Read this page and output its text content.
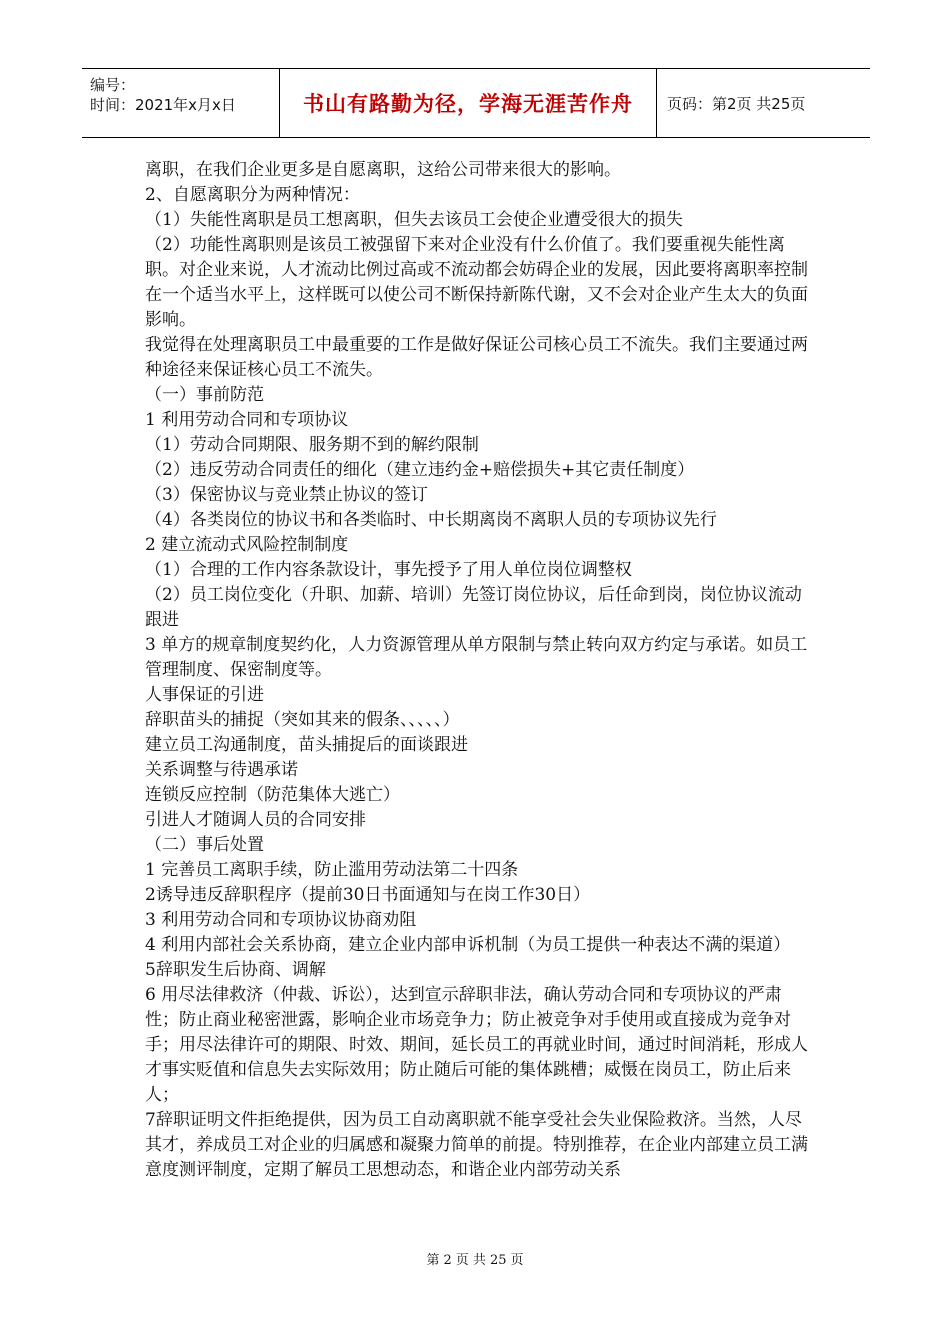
编号：
时间：2021年x月x日	书山有路勤为径，学海无涯苦作舟	页码：第2页 共25页

离职，在我们企业更多是自愿离职，这给公司带来很大的影响。

2、自愿离职分为两种情况：

（1）失能性离职是员工想离职，但失去该员工会使企业遭受很大的损失

（2）功能性离职则是该员工被强留下来对企业没有什么价值了。我们要重视失能性离职。对企业来说，人才流动比例过高或不流动都会妨碍企业的发展，因此要将离职率控制在一个适当水平上，这样既可以使公司不断保持新陈代谢，又不会对企业产生太大的负面影响。

我觉得在处理离职员工中最重要的工作是做好保证公司核心员工不流失。我们主要通过两种途径来保证核心员工不流失。

（一）事前防范

1 利用劳动合同和专项协议

（1）劳动合同期限、服务期不到的解约限制

（2）违反劳动合同责任的细化（建立违约金+赔偿损失+其它责任制度）

（3）保密协议与竞业禁止协议的签订

（4）各类岗位的协议书和各类临时、中长期离岗不离职人员的专项协议先行

2 建立流动式风险控制制度

（1）合理的工作内容条款设计，事先授予了用人单位岗位调整权

（2）员工岗位变化（升职、加薪、培训）先签订岗位协议，后任命到岗，岗位协议流动跟进

3 单方的规章制度契约化，人力资源管理从单方限制与禁止转向双方约定与承诺。如员工管理制度、保密制度等。

人事保证的引进

辞职苗头的捕捉（突如其来的假条、、、、、）

建立员工沟通制度，苗头捕捉后的面谈跟进

关系调整与待遇承诺

连锁反应控制（防范集体大逃亡）

引进人才随调人员的合同安排

（二）事后处置

1 完善员工离职手续，防止滥用劳动法第二十四条

2诱导违反辞职程序（提前30日书面通知与在岗工作30日）

3 利用劳动合同和专项协议协商劝阻

4 利用内部社会关系协商，建立企业内部申诉机制（为员工提供一种表达不满的渠道）

5辞职发生后协商、调解

6 用尽法律救济（仲裁、诉讼），达到宣示辞职非法，确认劳动合同和专项协议的严肃性；防止商业秘密泄露，影响企业市场竞争力；防止被竞争对手使用或直接成为竞争对手；用尽法律许可的期限、时效、期间，延长员工的再就业时间，通过时间消耗，形成人才事实贬值和信息失去实际效用；防止随后可能的集体跳槽；威慑在岗员工，防止后来人；

7辞职证明文件拒绝提供，因为员工自动离职就不能享受社会失业保险救济。当然，人尽其才，养成员工对企业的归属感和凝聚力简单的前提。特别推荐，在企业内部建立员工满意度测评制度，定期了解员工思想动态，和谐企业内部劳动关系

第 2 页 共 25 页
